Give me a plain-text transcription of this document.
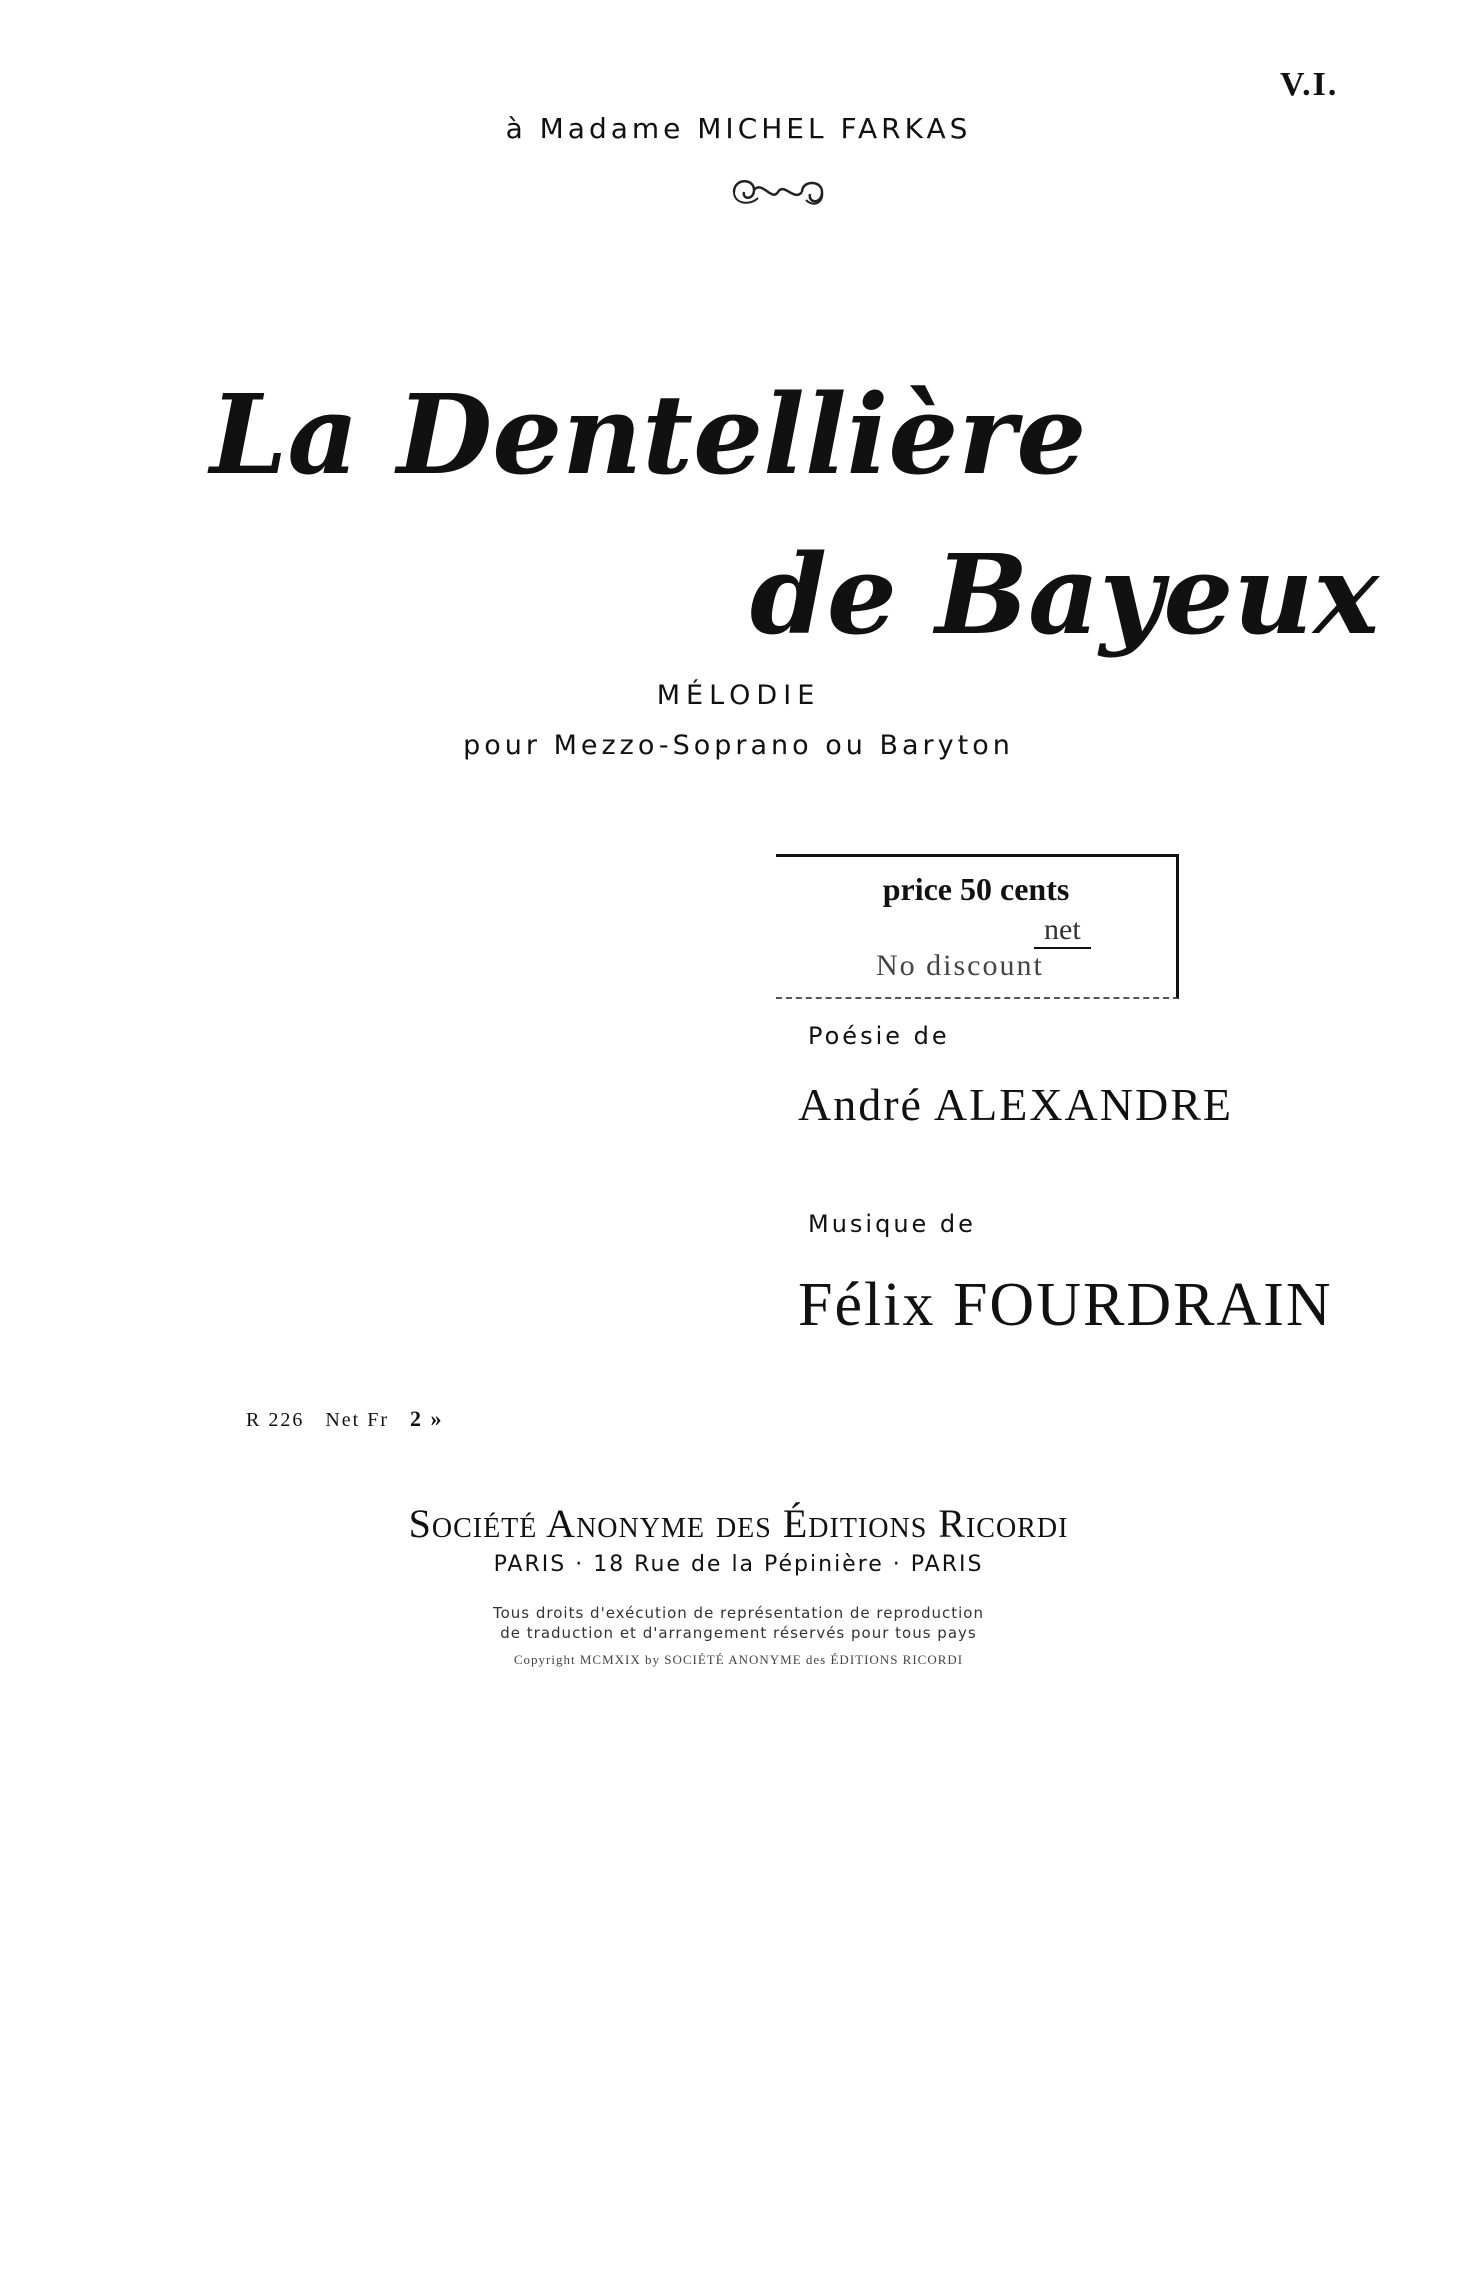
V.I.
à Madame MICHEL FARKAS
La Dentellière
de Bayeux
MÉLODIE
pour Mezzo-Soprano ou Baryton
price 50 cents
net
No discount
Poésie de
André ALEXANDRE
Musique de
Félix FOURDRAIN
R 226 Net Fr 2 »
Société Anonyme des Éditions Ricordi
PARIS · 18 Rue de la Pépinière · PARIS
Tous droits d'exécution de représentation de reproduction
de traduction et d'arrangement réservés pour tous pays
Copyright MCMXIX by SOCIÉTÉ ANONYME des ÉDITIONS RICORDI
